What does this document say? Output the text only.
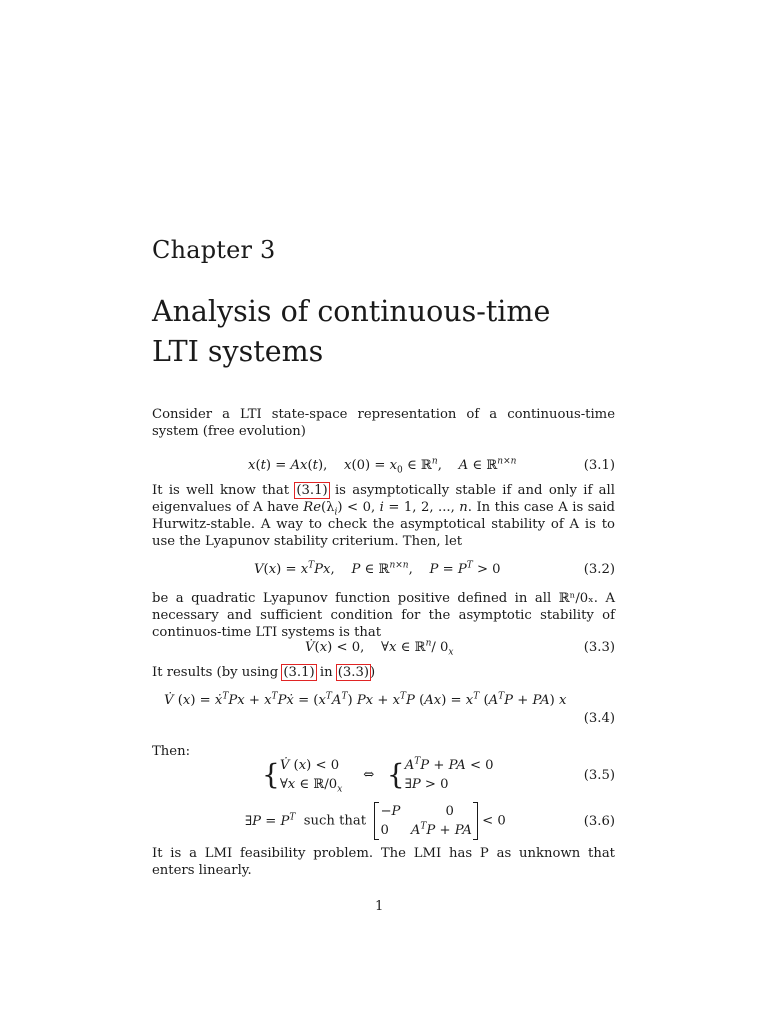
Chapter 3
Analysis of continuous-time
LTI systems
Consider a LTI state-space representation of a continuous-time system (free evolution)
x(t) = Ax(t),    $x(0) = x_0$ ∈ ℝ$^n$,    A ∈ ℝ$^{n\times n}$	(3.1)
It is well know that (3.1) is asymptotically stable if and only if all eigenvalues of A have $Re(\lambda_i) < 0$, i = 1, 2, ..., n. In this case A is said Hurwitz-stable. A way to check the asymptotical stability of A is to use the Lyapunov stability criterium. Then, let
$V(x) = x^TPx$,    P ∈ ℝ$^{n\times n}$,    $P = P^T > 0$	(3.2)
be a quadratic Lyapunov function positive defined in all ℝⁿ/0ₓ. A necessary and sufficient condition for the asymptotic stability of continuos-time LTI systems is that
V̇(x) < 0,    ∀x ∈ ℝ$^n$/ $0_x$	(3.3)
It results (by using (3.1) in (3.3))
V̇ (x) = ẋ$^T$Px + $x^TPẋ = (x^TA^T) Px + x^TP$ $(Ax) = x^T$ $(A^TP + PA)$ x
(3.4)
Then:
{ V̇ (x) < 0
∀x ∈ $ℝ/0_x$
⇔ { $A^TP$ + PA < 0
∃P > 0
(3.5)
∃P = $P^T$ such that
−P	0
0 $A^TP$ + PA
< 0	(3.6)
It is a LMI feasibility problem. The LMI has P as unknown that enters linearly.
1
